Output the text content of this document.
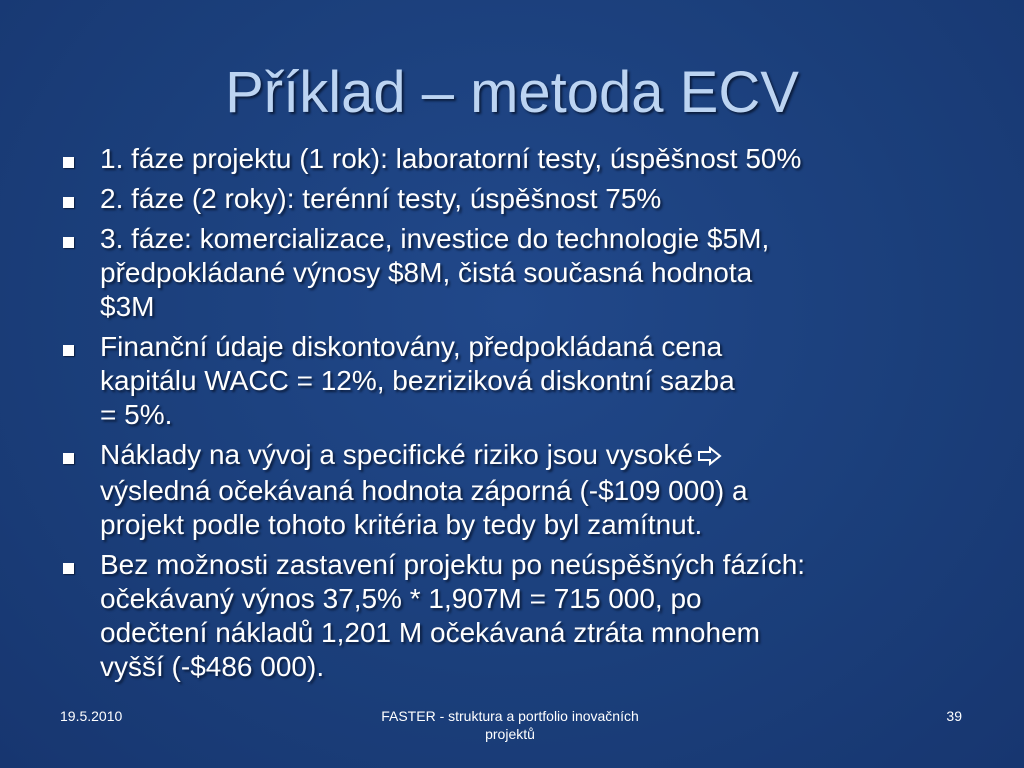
Příklad – metoda ECV
1. fáze projektu (1 rok): laboratorní testy, úspěšnost 50%
2. fáze (2 roky): terénní testy, úspěšnost 75%
3. fáze: komercializace, investice do technologie $5M,
předpokládané výnosy $8M, čistá současná hodnota
$3M
Finanční údaje diskontovány, předpokládaná cena
kapitálu WACC = 12%, bezriziková diskontní sazba
= 5%.
Náklady na vývoj a specifické riziko jsou vysoké
výsledná očekávaná hodnota záporná (-$109 000) a
projekt podle tohoto kritéria by tedy byl zamítnut.
Bez možnosti zastavení projektu po neúspěšných fázích:
očekávaný výnos 37,5% * 1,907M = 715 000, po
odečtení nákladů 1,201 M očekávaná ztráta mnohem
vyšší (-$486 000).
19.5.2010	FASTER - struktura a portfolio inovačních
projektů
39
